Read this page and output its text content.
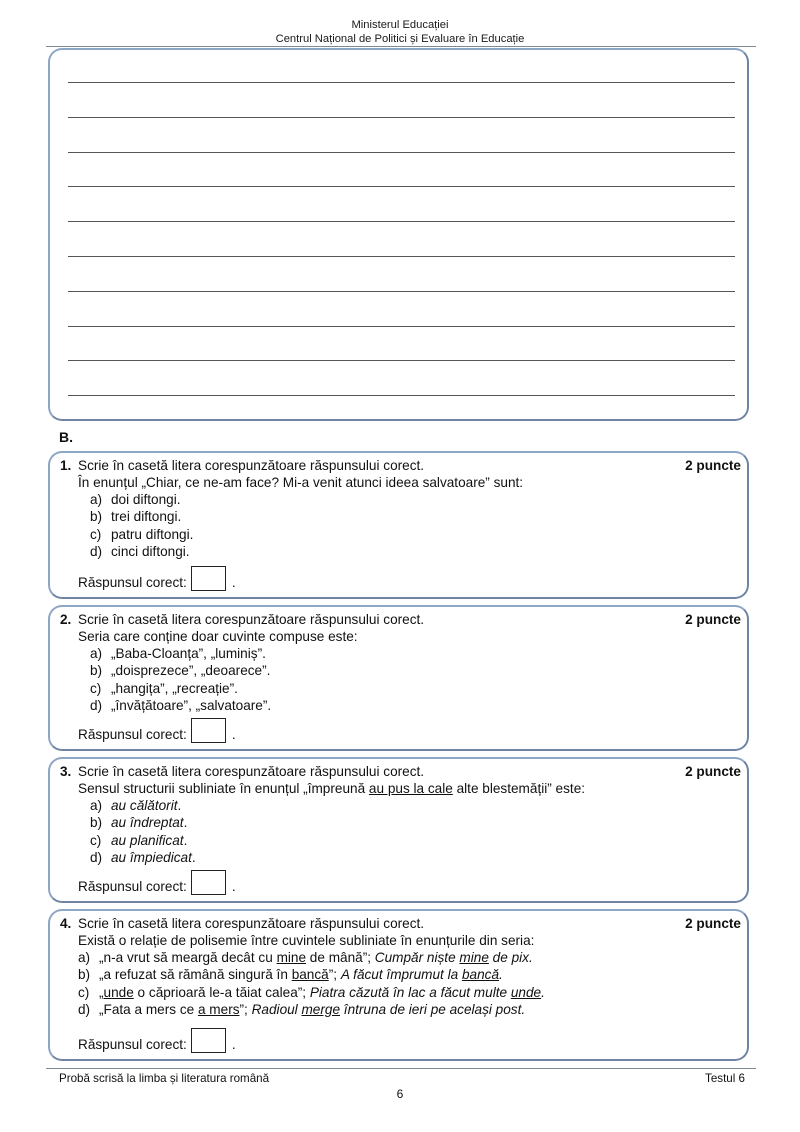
Ministerul Educației
Centrul Național de Politici și Evaluare în Educație
B.
1. Scrie în casetă litera corespunzătoare răspunsului corect.	2 puncte
În enunțul „Chiar, ce ne-am face? Mi-a venit atunci ideea salvatoare” sunt:
a) doi diftongi.
b) trei diftongi.
c) patru diftongi.
d) cinci diftongi.
Răspunsul corect:	.
2. Scrie în casetă litera corespunzătoare răspunsului corect.	2 puncte
Seria care conține doar cuvinte compuse este:
a) „Baba-Cloanța”, „luminiș”.
b) „doisprezece”, „deoarece”.
c) „hangița”, „recreație”.
d) „învățătoare”, „salvatoare”.
Răspunsul corect:	.
3. Scrie în casetă litera corespunzătoare răspunsului corect.	2 puncte
Sensul structurii subliniate în enunțul „împreună au pus la cale alte blestemății” este:
a) au călătorit.
b) au îndreptat.
c) au planificat.
d) au împiedicat.
Răspunsul corect:	.
4. Scrie în casetă litera corespunzătoare răspunsului corect.	2 puncte
Există o relație de polisemie între cuvintele subliniate în enunțurile din seria:
a) „n-a vrut să meargă decât cu mine de mână”; Cumpăr niște mine de pix.
b) „a refuzat să rămână singură în bancă”; A făcut împrumut la bancă.
c) „unde o căprioară le-a tăiat calea”; Piatra căzută în lac a făcut multe unde.
d) „Fata a mers ce a mers”; Radioul merge întruna de ieri pe același post.
Răspunsul corect:	.
Probă scrisă la limba și literatura română	Testul 6
6
